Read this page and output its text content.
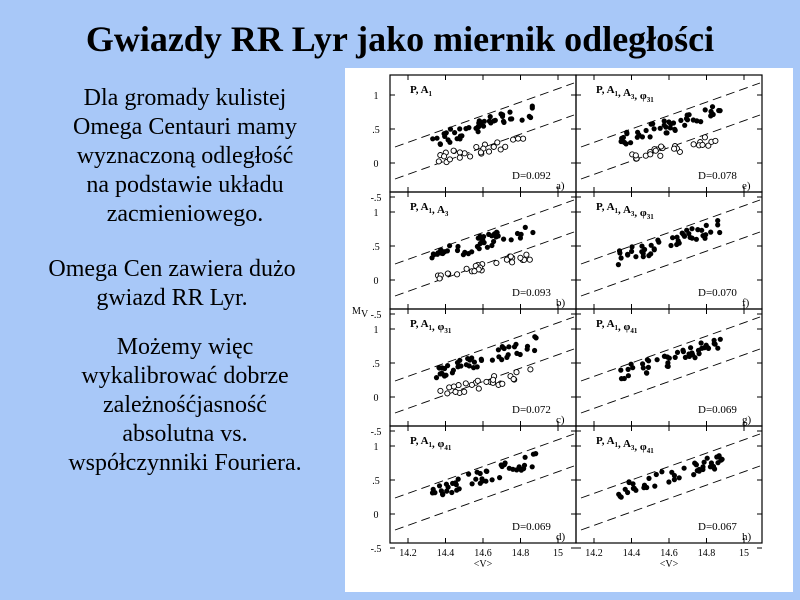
Gwiazdy RR Lyr jako miernik odległości
Dla gromady kulistej
Omega Centauri mamy
wyznaczoną odległość
na podstawie układu
zacmieniowego.
Omega Cen zawiera dużo
gwiazd RR Lyr.
Możemy więc
wykalibrować dobrze
zależnośćjasność
absolutna vs.
współczynniki Fouriera.
M V
1
.5
0
-.5
P, $A_1$
D=0.092
a)
P, $A_1$, $A_3$, $\varphi_{31}$
D=0.078
e)
1
.5
0
-.5
P, $A_1$, $A_3$
D=0.093
b)
P, $A_1$, $A_3$, $\varphi_{31}$
D=0.070
f)
1
.5
0
-.5
P, $A_1$, $\varphi_{31}$
D=0.072
c)
P, $A_1$, $\varphi_{41}$
D=0.069
g)
1
.5
0
-.5
P, $A_1$, $\varphi_{41}$
D=0.069
d)
P, $A_1$, $A_3$, $\varphi_{41}$
D=0.067
h)
14.2 14.4 14.6 14.8 15
<V>
14.2 14.4 14.6 14.8 15
<V>
